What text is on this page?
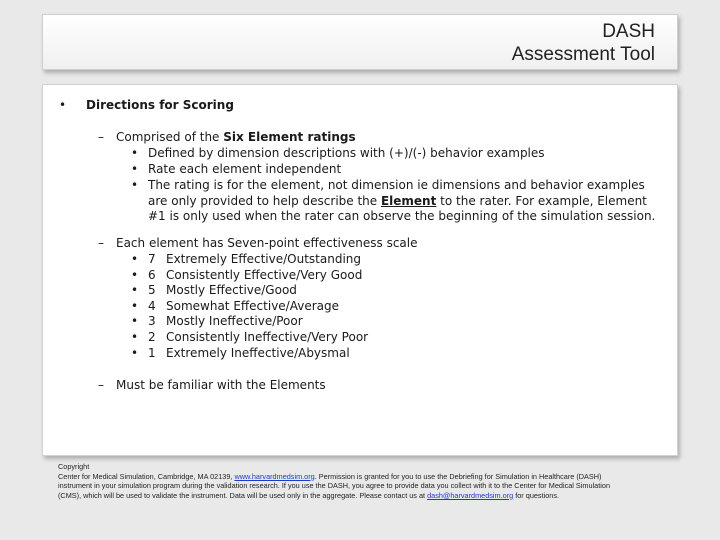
DASH
Assessment Tool
• Directions for Scoring
– Comprised of the Six Element ratings
• Defined by dimension descriptions with (+)/(-) behavior examples
• Rate each element independent
• The rating is for the element, not dimension ie dimensions and behavior examples
are only provided to help describe the Element to the rater. For example, Element
#1 is only used when the rater can observe the beginning of the simulation session.
– Each element has Seven-point effectiveness scale
• 7 Extremely Effective/Outstanding
• 6 Consistently Effective/Very Good
• 5 Mostly Effective/Good
• 4 Somewhat Effective/Average
• 3 Mostly Ineffective/Poor
• 2 Consistently Ineffective/Very Poor
• 1 Extremely Ineffective/Abysmal
– Must be familiar with the Elements
Copyright
Center for Medical Simulation, Cambridge, MA 02139, www.harvardmedsim.org. Permission is granted for you to use the Debriefing for Simulation in Healthcare (DASH)
instrument in your simulation program during the validation research. If you use the DASH, you agree to provide data you collect with it to the Center for Medical Simulation
(CMS), which will be used to validate the instrument. Data will be used only in the aggregate. Please contact us at dash@harvardmedsim.org for questions.
